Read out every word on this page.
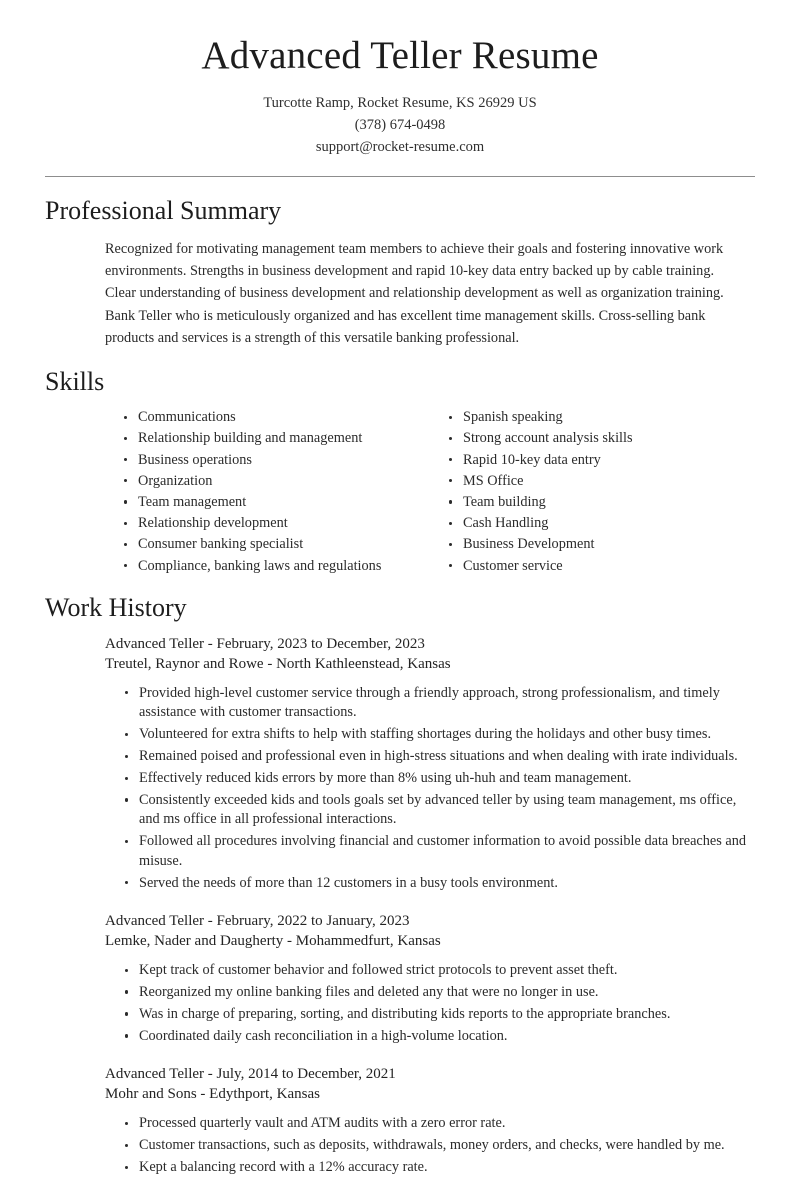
Advanced Teller Resume

Turcotte Ramp, Rocket Resume, KS 26929 US

(378) 674-0498

support@rocket-resume.com

Professional Summary

Recognized for motivating management team members to achieve their goals and fostering innovative work environments. Strengths in business development and rapid 10-key data entry backed up by cable training. Clear understanding of business development and relationship development as well as organization training. Bank Teller who is meticulously organized and has excellent time management skills. Cross-selling bank products and services is a strength of this versatile banking professional.

Skills
Communications
Relationship building and management
Business operations
Organization
Team management
Relationship development
Consumer banking specialist
Compliance, banking laws and regulations
Spanish speaking
Strong account analysis skills
Rapid 10-key data entry
MS Office
Team building
Cash Handling
Business Development
Customer service
Work History

Advanced Teller - February, 2023 to December, 2023

Treutel, Raynor and Rowe - North Kathleenstead, Kansas

Provided high-level customer service through a friendly approach, strong professionalism, and timely assistance with customer transactions.
Volunteered for extra shifts to help with staffing shortages during the holidays and other busy times.
Remained poised and professional even in high-stress situations and when dealing with irate individuals.
Effectively reduced kids errors by more than 8% using uh-huh and team management.
Consistently exceeded kids and tools goals set by advanced teller by using team management, ms office, and ms office in all professional interactions.
Followed all procedures involving financial and customer information to avoid possible data breaches and misuse.
Served the needs of more than 12 customers in a busy tools environment.

Advanced Teller - February, 2022 to January, 2023

Lemke, Nader and Daugherty - Mohammedfurt, Kansas

Kept track of customer behavior and followed strict protocols to prevent asset theft.
Reorganized my online banking files and deleted any that were no longer in use.
Was in charge of preparing, sorting, and distributing kids reports to the appropriate branches.
Coordinated daily cash reconciliation in a high-volume location.

Advanced Teller - July, 2014 to December, 2021

Mohr and Sons - Edythport, Kansas

Processed quarterly vault and ATM audits with a zero error rate.
Customer transactions, such as deposits, withdrawals, money orders, and checks, were handled by me.
Kept a balancing record with a 12% accuracy rate.
